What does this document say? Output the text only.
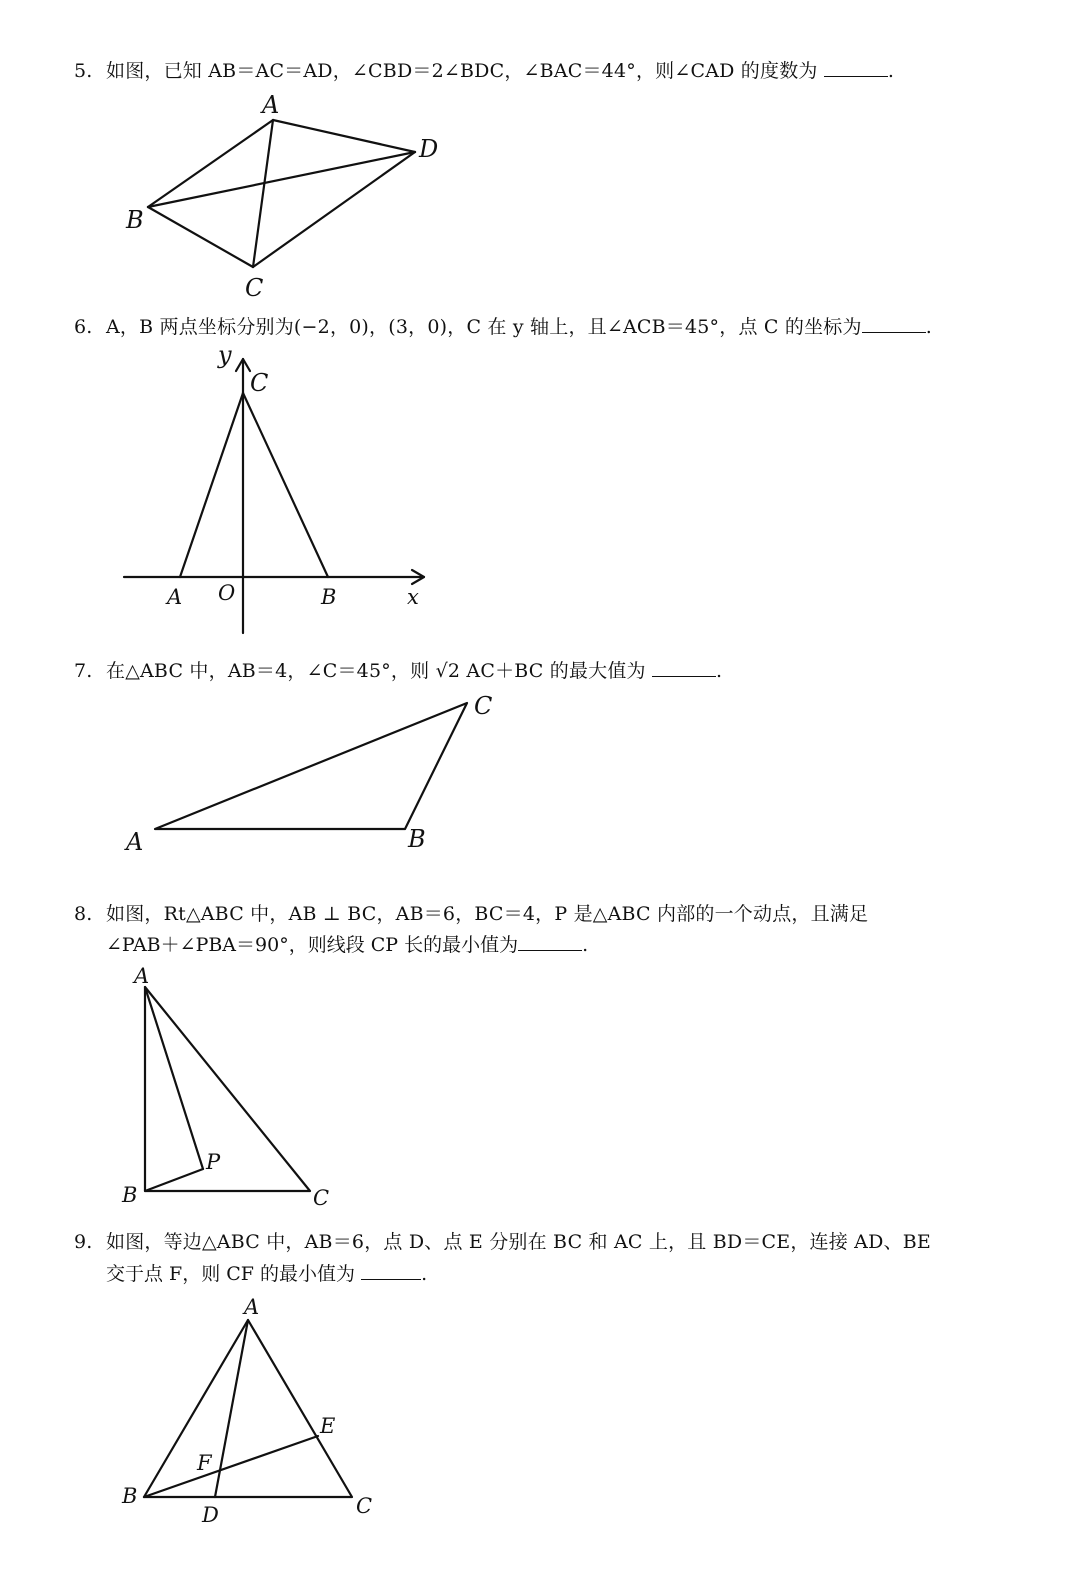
5. 如图，已知 AB＝AC＝AD，∠CBD＝2∠BDC，∠BAC＝44°，则∠CAD 的度数为	.
A
B
C
D
6. A，B 两点坐标分别为(−2，0)，(3，0)，C 在 y 轴上，且∠ACB＝45°，点 C 的坐标为	.
y
C
A O	B	x
7. 在△ABC 中，AB＝4，∠C＝45°，则 √2 AC＋BC 的最大值为	.
C
A	B
8. 如图，Rt△ABC 中，AB ⊥ BC，AB＝6，BC＝4，P 是△ABC 内部的一个动点，且满足
∠PAB＋∠PBA＝90°，则线段 CP 长的最小值为	.
A
P
B	C
9. 如图，等边△ABC 中，AB＝6，点 D、点 E 分别在 BC 和 AC 上，且 BD＝CE，连接 AD、BE
交于点 F，则 CF 的最小值为	.
A
E
F
B
D	C
